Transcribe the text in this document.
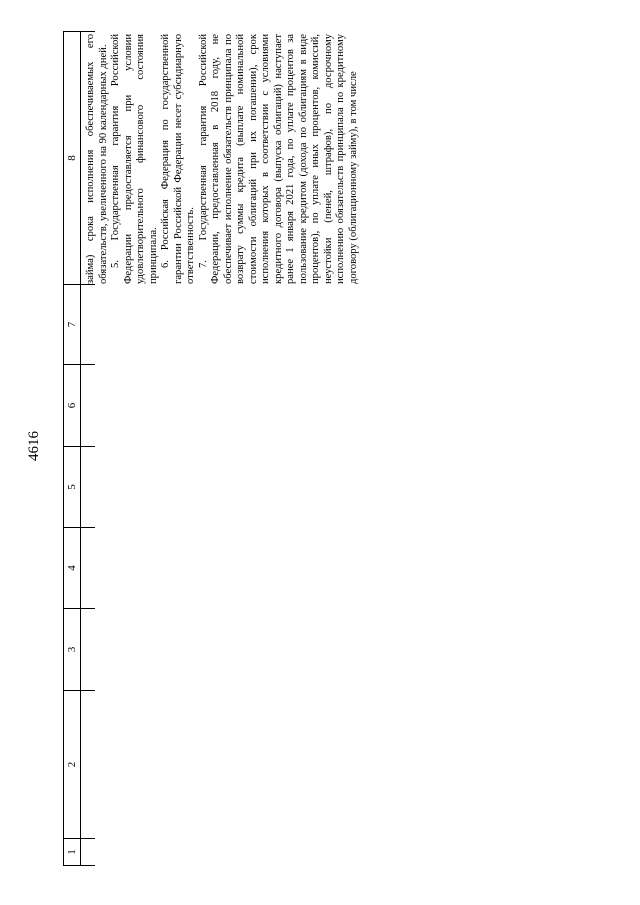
4616
1
2
3
4
5
6
7
8 займа) срока исполнения обеспечиваемых его обязательств, увеличенного на 90 календарных дней. 5. Государственная гарантия Российской Федерации предоставляется при условии удовлетворительного финансового состояния принципала. 6. Российская Федерация по государственной гарантии Российской Федерации несет субсидиарную ответственность. 7. Государственная гарантия Российской Федерации, предоставленная в 2018 году, не обеспечивает исполнение обязательств принципала по возврату суммы кредита (выплате номинальной стоимости облигаций при их погашении), срок исполнения которых в соответствии с условиями кредитного договора (выпуска облигаций) наступает ранее 1 января 2021 года, по уплате процентов за пользование кредитом (дохода по облигациям в виде процентов), по уплате иных процентов, комиссий, неустойки (пеней, штрафов), по досрочному исполнению обязательств принципала по кредитному договору (облигационному займу), в том числе
